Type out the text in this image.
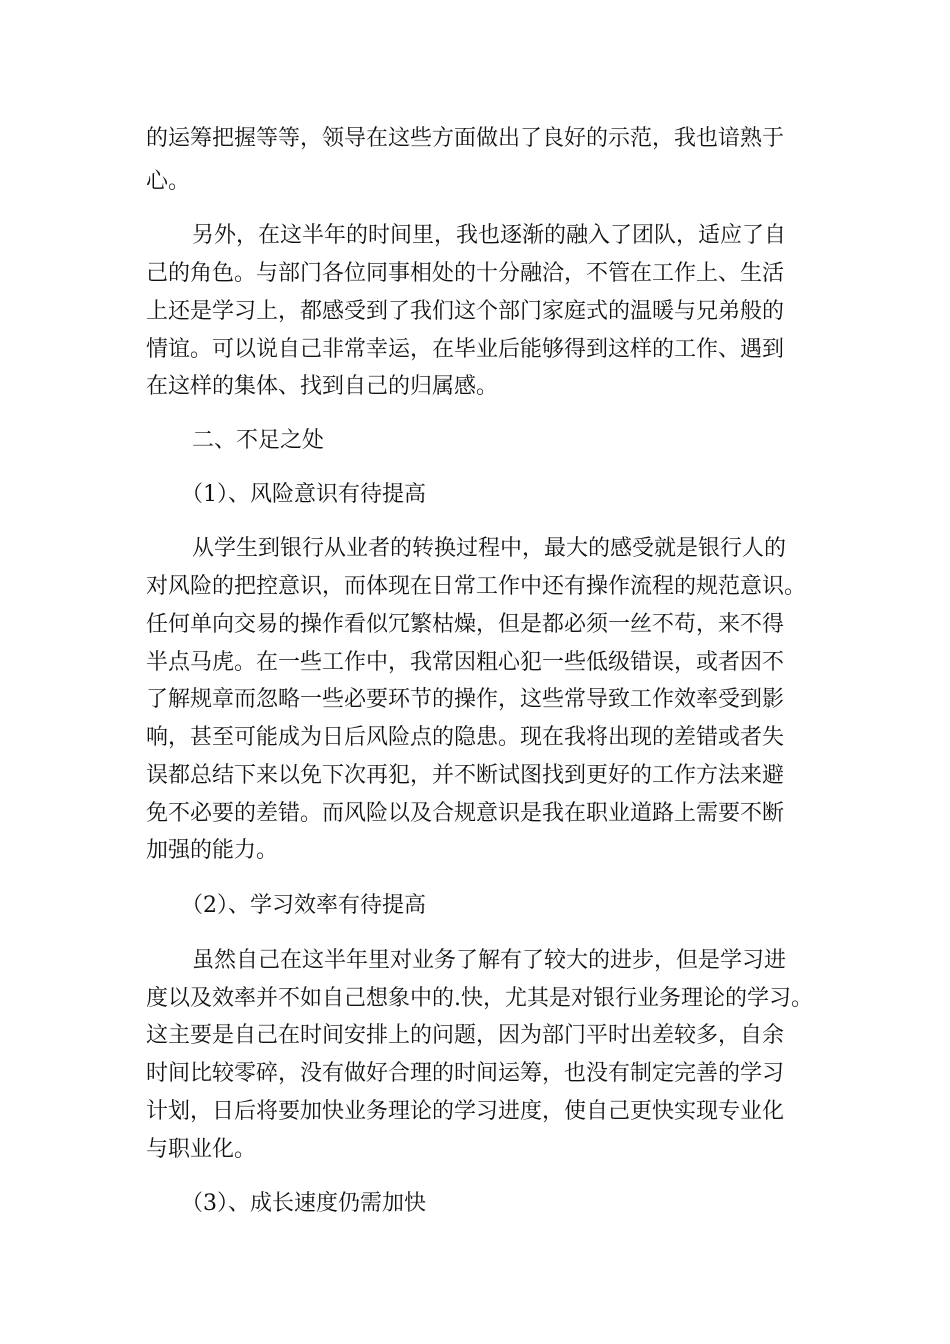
的运筹把握等等，领导在这些方面做出了良好的示范，我也谙熟于
心。
另外，在这半年的时间里，我也逐渐的融入了团队，适应了自
己的角色。与部门各位同事相处的十分融洽，不管在工作上、生活
上还是学习上，都感受到了我们这个部门家庭式的温暖与兄弟般的
情谊。可以说自己非常幸运，在毕业后能够得到这样的工作、遇到
在这样的集体、找到自己的归属感。
二、不足之处
（1）、风险意识有待提高
从学生到银行从业者的转换过程中，最大的感受就是银行人的
对风险的把控意识，而体现在日常工作中还有操作流程的规范意识。
任何单向交易的操作看似冗繁枯燥，但是都必须一丝不苟，来不得
半点马虎。在一些工作中，我常因粗心犯一些低级错误，或者因不
了解规章而忽略一些必要环节的操作，这些常导致工作效率受到影
响，甚至可能成为日后风险点的隐患。现在我将出现的差错或者失
误都总结下来以免下次再犯，并不断试图找到更好的工作方法来避
免不必要的差错。而风险以及合规意识是我在职业道路上需要不断
加强的能力。
（2）、学习效率有待提高
虽然自己在这半年里对业务了解有了较大的进步，但是学习进
度以及效率并不如自己想象中的.快，尤其是对银行业务理论的学习。
这主要是自己在时间安排上的问题，因为部门平时出差较多，自余
时间比较零碎，没有做好合理的时间运筹，也没有制定完善的学习
计划，日后将要加快业务理论的学习进度，使自己更快实现专业化
与职业化。
（3）、成长速度仍需加快
